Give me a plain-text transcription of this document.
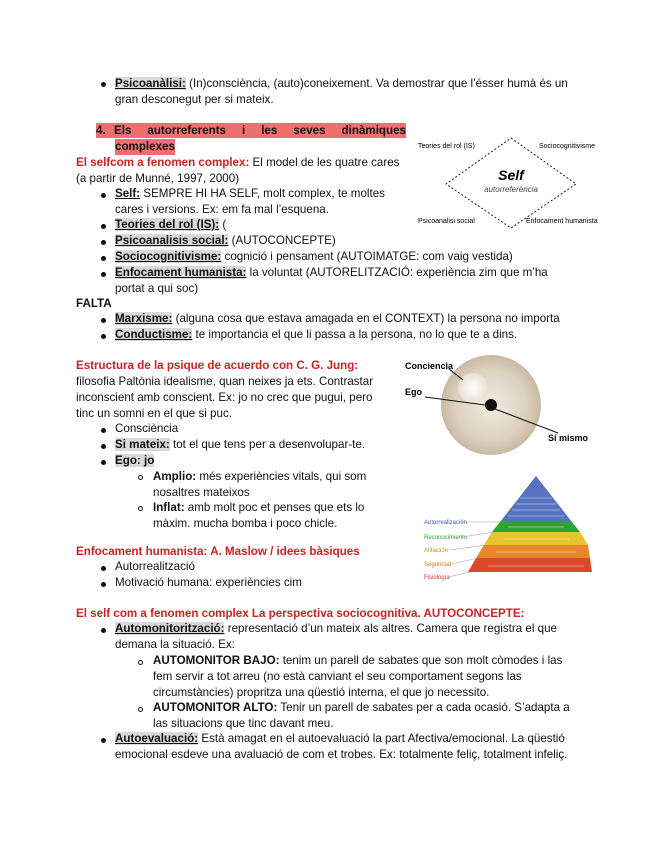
Psicoanàlisi: (In)consciència, (auto)coneixement. Va demostrar que l’ésser humà és un
gran desconegut per si mateix.
4. Els autorreferents i les seves dinàmiques
complexes
El selfcom a fenomen complex: El model de les quatre cares
(a partir de Munné, 1997, 2000)
Self: SEMPRE HI HA SELF, molt complex, te moltes
cares i versions. Ex: em fa mal l’esquena.
Teories del rol (IS): (
Psicoanalisis social: (AUTOCONCEPTE)
Sociocognitivisme: cognició i pensament (AUTOIMATGE: com vaig vestida)
Enfocament humanista: la voluntat (AUTORELITZACIÓ: experiència zim que m’ha
portat a qui soc)
FALTA
Marxisme: (alguna cosa que estava amagada en el CONTEXT) la persona no importa
Conductisme: te importancia el que li passa a la persona, no lo que te a dins.
Teories del rol (IS)	Sociocognitivisme
Psicoanalisi social	Enfocament humanista
Self
autorreferència
Estructura de la psique de acuerdo con C. G. Jung:
filosofia Paltònia idealisme, quan neixes ja ets. Contrastar
inconscient amb conscient. Ex: jo no crec que pugui, pero
tinc un somni en el que si puc.
Consciència
Si mateix: tot el que tens per a desenvolupar-te.
Ego: jo
Amplio: més experiències vitals, qui som
nosaltres mateixos
Inflat: amb molt poc et penses que ets lo
màxim. mucha bomba i poco chicle.
Conciencia
Ego
Sí mismo
Autorrealización
Reconocimiento
Afiliación
Seguridad
Fisiología
Enfocament humanista: A. Maslow / idees bàsiques
Autorrealització
Motivació humana: experiències cim
El self com a fenomen complex La perspectiva sociocognitiva. AUTOCONCEPTE:
Automonitorització: representació d’un mateix als altres. Camera que registra el que
demana la situació. Ex:
AUTOMONITOR BAJO: tenim un parell de sabates que son molt còmodes i las
fem servir a tot arreu (no està canviant el seu comportament segons las
circumstàncies) propritza una qüestió interna, el que jo necessito.
AUTOMONITOR ALTO: Tenir un parell de sabates per a cada ocasió. S’adapta a
las situacions que tinc davant meu.
Autoevaluació: Està amagat en el autoevaluació la part Afectiva/emocional. La qüestió
emocional esdeve una avaluació de com et trobes. Ex: totalmente feliç, totalment infeliç.
